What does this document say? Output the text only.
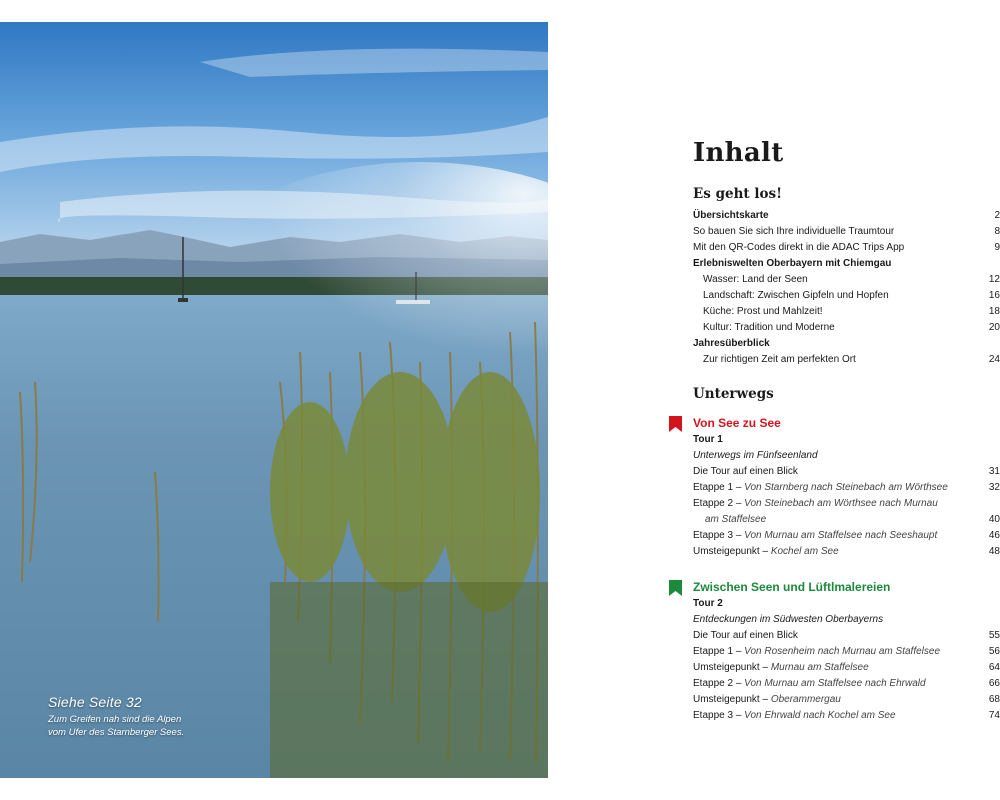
Siehe Seite 32
Zum Greifen nah sind die Alpen
vom Ufer des Starnberger Sees.
Inhalt
Es geht los!
Übersichtskarte	2
So bauen Sie sich Ihre individuelle Traumtour	8
Mit den QR-Codes direkt in die ADAC Trips App	9
Erlebniswelten Oberbayern mit Chiemgau
Wasser: Land der Seen	12
Landschaft: Zwischen Gipfeln und Hopfen	16
Küche: Prost und Mahlzeit!	18
Kultur: Tradition und Moderne	20
Jahresüberblick
Zur richtigen Zeit am perfekten Ort	24
Unterwegs
Von See zu See
Tour 1
Unterwegs im Fünfseenland
Die Tour auf einen Blick	31
Etappe 1 – Von Starnberg nach Steinebach am Wörthsee	32
Etappe 2 – Von Steinebach am Wörthsee nach Murnau
am Staffelsee	40
Etappe 3 – Von Murnau am Staffelsee nach Seeshaupt	46
Umsteigepunkt – Kochel am See	48
Zwischen Seen und Lüftlmalereien
Tour 2
Entdeckungen im Südwesten Oberbayerns
Die Tour auf einen Blick	55
Etappe 1 – Von Rosenheim nach Murnau am Staffelsee	56
Umsteigepunkt – Murnau am Staffelsee	64
Etappe 2 – Von Murnau am Staffelsee nach Ehrwald	66
Umsteigepunkt – Oberammergau	68
Etappe 3 – Von Ehrwald nach Kochel am See	74
